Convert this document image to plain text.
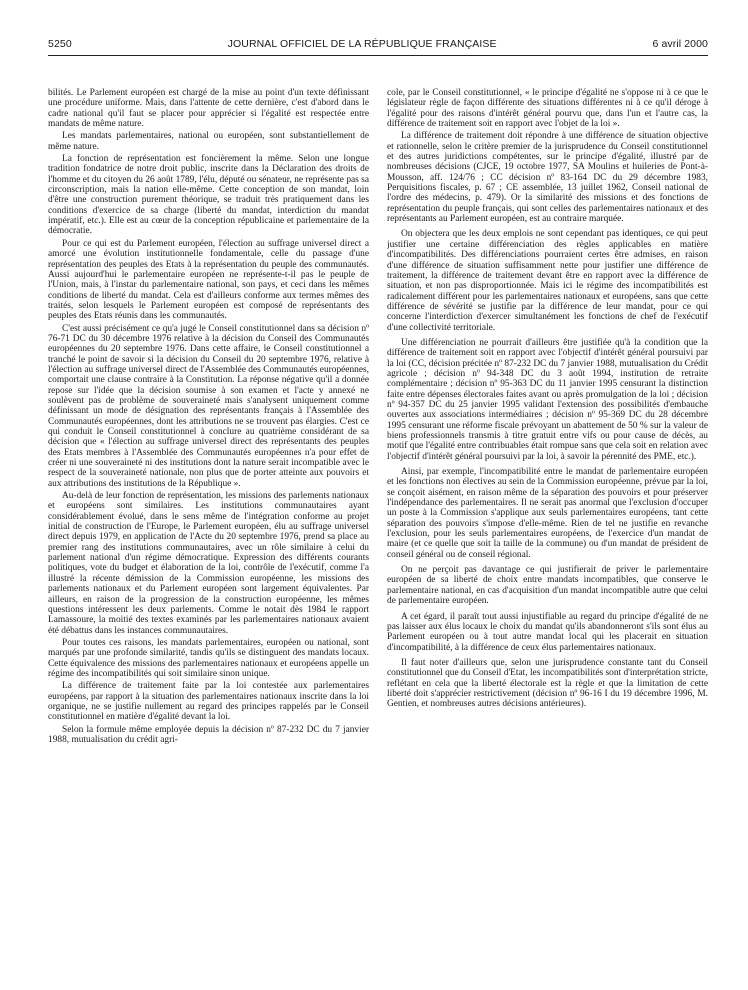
5250	JOURNAL OFFICIEL DE LA RÉPUBLIQUE FRANÇAISE	6 avril 2000

bilités. Le Parlement européen est chargé de la mise au point d'un texte définissant une procédure uniforme. Mais, dans l'attente de cette dernière, c'est d'abord dans le cadre national qu'il faut se placer pour apprécier si l'égalité est respectée entre mandats de même nature.

Les mandats parlementaires, national ou européen, sont substantiellement de même nature.

La fonction de représentation est foncièrement la même. Selon une longue tradition fondatrice de notre droit public, inscrite dans la Déclaration des droits de l'homme et du citoyen du 26 août 1789, l'élu, député ou sénateur, ne représente pas sa circonscription, mais la nation elle-même. Cette conception de son mandat, loin d'être une construction purement théorique, se traduit très pratiquement dans les conditions d'exercice de sa charge (liberté du mandat, interdiction du mandat impératif, etc.). Elle est au cœur de la conception républicaine et parlementaire de la démocratie.

Pour ce qui est du Parlement européen, l'élection au suffrage universel direct a amorcé une évolution institutionnelle fondamentale, celle du passage d'une représentation des peuples des Etats à la représentation du peuple des communautés. Aussi aujourd'hui le parlementaire européen ne représente-t-il pas le peuple de l'Union, mais, à l'instar du parlementaire national, son pays, et ceci dans les mêmes conditions de liberté du mandat. Cela est d'ailleurs conforme aux termes mêmes des traités, selon lesquels le Parlement européen est composé de représentants des peuples des Etats réunis dans les communautés.

C'est aussi précisément ce qu'a jugé le Conseil constitutionnel dans sa décision nº 76-71 DC du 30 décembre 1976 relative à la décision du Conseil des Communautés européennes du 20 septembre 1976. Dans cette affaire, le Conseil constitutionnel a tranché le point de savoir si la décision du Conseil du 20 septembre 1976, relative à l'élection au suffrage universel direct de l'Assemblée des Communautés européennes, comportait une clause contraire à la Constitution. La réponse négative qu'il a donnée repose sur l'idée que la décision soumise à son examen et l'acte y annexé ne soulèvent pas de problème de souveraineté mais s'analysent uniquement comme définissant un mode de désignation des représentants français à l'Assemblée des Communautés européennes, dont les attributions ne se trouvent pas élargies. C'est ce qui conduit le Conseil constitutionnel à conclure au quatrième considérant de sa décision que « l'élection au suffrage universel direct des représentants des peuples des Etats membres à l'Assemblée des Communautés européennes n'a pour effet de créer ni une souveraineté ni des institutions dont la nature serait incompatible avec le respect de la souveraineté nationale, non plus que de porter atteinte aux pouvoirs et aux attributions des institutions de la République ».

Au-delà de leur fonction de représentation, les missions des parlements nationaux et européens sont similaires. Les institutions communautaires ayant considérablement évolué, dans le sens même de l'intégration conforme au projet initial de construction de l'Europe, le Parlement européen, élu au suffrage universel direct depuis 1979, en application de l'Acte du 20 septembre 1976, prend sa place au premier rang des institutions communautaires, avec un rôle similaire à celui du parlement national d'un régime démocratique. Expression des différents courants politiques, vote du budget et élaboration de la loi, contrôle de l'exécutif, comme l'a illustré la récente démission de la Commission européenne, les missions des parlements nationaux et du Parlement européen sont largement équivalentes. Par ailleurs, en raison de la progression de la construction européenne, les mêmes questions intéressent les deux parlements. Comme le notait dès 1984 le rapport Lamassoure, la moitié des textes examinés par les parlementaires nationaux avaient été débattus dans les instances communautaires.

Pour toutes ces raisons, les mandats parlementaires, européen ou national, sont marqués par une profonde similarité, tandis qu'ils se distinguent des mandats locaux. Cette équivalence des missions des parlementaires nationaux et européens appelle un régime des incompatibilités qui soit similaire sinon unique.

La différence de traitement faite par la loi contestée aux parlementaires européens, par rapport à la situation des parlementaires nationaux inscrite dans la loi organique, ne se justifie nullement au regard des principes rappelés par le Conseil constitutionnel en matière d'égalité devant la loi.

Selon la formule même employée depuis la décision nº 87-232 DC du 7 janvier 1988, mutualisation du crédit agri-

cole, par le Conseil constitutionnel, « le principe d'égalité ne s'oppose ni à ce que le législateur règle de façon différente des situations différentes ni à ce qu'il déroge à l'égalité pour des raisons d'intérêt général pourvu que, dans l'un et l'autre cas, la différence de traitement soit en rapport avec l'objet de la loi ».

La différence de traitement doit répondre à une différence de situation objective et rationnelle, selon le critère premier de la jurisprudence du Conseil constitutionnel et des autres juridictions compétentes, sur le principe d'égalité, illustré par de nombreuses décisions (CJCE, 19 octobre 1977, SA Moulins et huileries de Pont-à-Mousson, aff. 124/76 ; CC décision nº 83-164 DC du 29 décembre 1983, Perquisitions fiscales, p. 67 ; CE assemblée, 13 juillet 1962, Conseil national de l'ordre des médecins, p. 479). Or la similarité des missions et des fonctions de représentation du peuple français, qui sont celles des parlementaires nationaux et des représentants au Parlement européen, est au contraire marquée.

On objectera que les deux emplois ne sont cependant pas identiques, ce qui peut justifier une certaine différenciation des règles applicables en matière d'incompatibilités. Des différenciations pourraient certes être admises, en raison d'une différence de situation suffisamment nette pour justifier une différence de traitement, la différence de traitement devant être en rapport avec la différence de situation, et non pas disproportionnée. Mais ici le régime des incompatibilités est radicalement différent pour les parlementaires nationaux et européens, sans que cette différence de sévérité se justifie par la différence de leur mandat, pour ce qui concerne l'interdiction d'exercer simultanément les fonctions de chef de l'exécutif d'une collectivité territoriale.

Une différenciation ne pourrait d'ailleurs être justifiée qu'à la condition que la différence de traitement soit en rapport avec l'objectif d'intérêt général poursuivi par la loi (CC, décision précitée nº 87-232 DC du 7 janvier 1988, mutualisation du Crédit agricole ; décision nº 94-348 DC du 3 août 1994, institution de retraite complémentaire ; décision nº 95-363 DC du 11 janvier 1995 censurant la distinction faite entre dépenses électorales faites avant ou après promulgation de la loi ; décision nº 94-357 DC du 25 janvier 1995 validant l'extension des possibilités d'embauche ouvertes aux associations intermédiaires ; décision nº 95-369 DC du 28 décembre 1995 censurant une réforme fiscale prévoyant un abattement de 50 % sur la valeur de biens professionnels transmis à titre gratuit entre vifs ou pour cause de décès, au motif que l'égalité entre contribuables était rompue sans que cela soit en relation avec l'objectif d'intérêt général poursuivi par la loi, à savoir la pérennité des PME, etc.).

Ainsi, par exemple, l'incompatibilité entre le mandat de parlementaire européen et les fonctions non électives au sein de la Commission européenne, prévue par la loi, se conçoit aisément, en raison même de la séparation des pouvoirs et pour préserver l'indépendance des parlementaires. Il ne serait pas anormal que l'exclusion d'occuper un poste à la Commission s'applique aux seuls parlementaires européens, tant cette séparation des pouvoirs s'impose d'elle-même. Rien de tel ne justifie en revanche l'exclusion, pour les seuls parlementaires européens, de l'exercice d'un mandat de maire (et ce quelle que soit la taille de la commune) ou d'un mandat de président de conseil général ou de conseil régional.

On ne perçoit pas davantage ce qui justifierait de priver le parlementaire européen de sa liberté de choix entre mandats incompatibles, que conserve le parlementaire national, en cas d'acquisition d'un mandat incompatible autre que celui de parlementaire européen.

A cet égard, il paraît tout aussi injustifiable au regard du principe d'égalité de ne pas laisser aux élus locaux le choix du mandat qu'ils abandonneront s'ils sont élus au Parlement européen ou à tout autre mandat local qui les placerait en situation d'incompatibilité, à la différence de ceux élus parlementaires nationaux.

Il faut noter d'ailleurs que, selon une jurisprudence constante tant du Conseil constitutionnel que du Conseil d'Etat, les incompatibilités sont d'interprétation stricte, reflétant en cela que la liberté électorale est la règle et que la limitation de cette liberté doit s'apprécier restrictivement (décision nº 96-16 I du 19 décembre 1996, M. Gentien, et nombreuses autres décisions antérieures).
